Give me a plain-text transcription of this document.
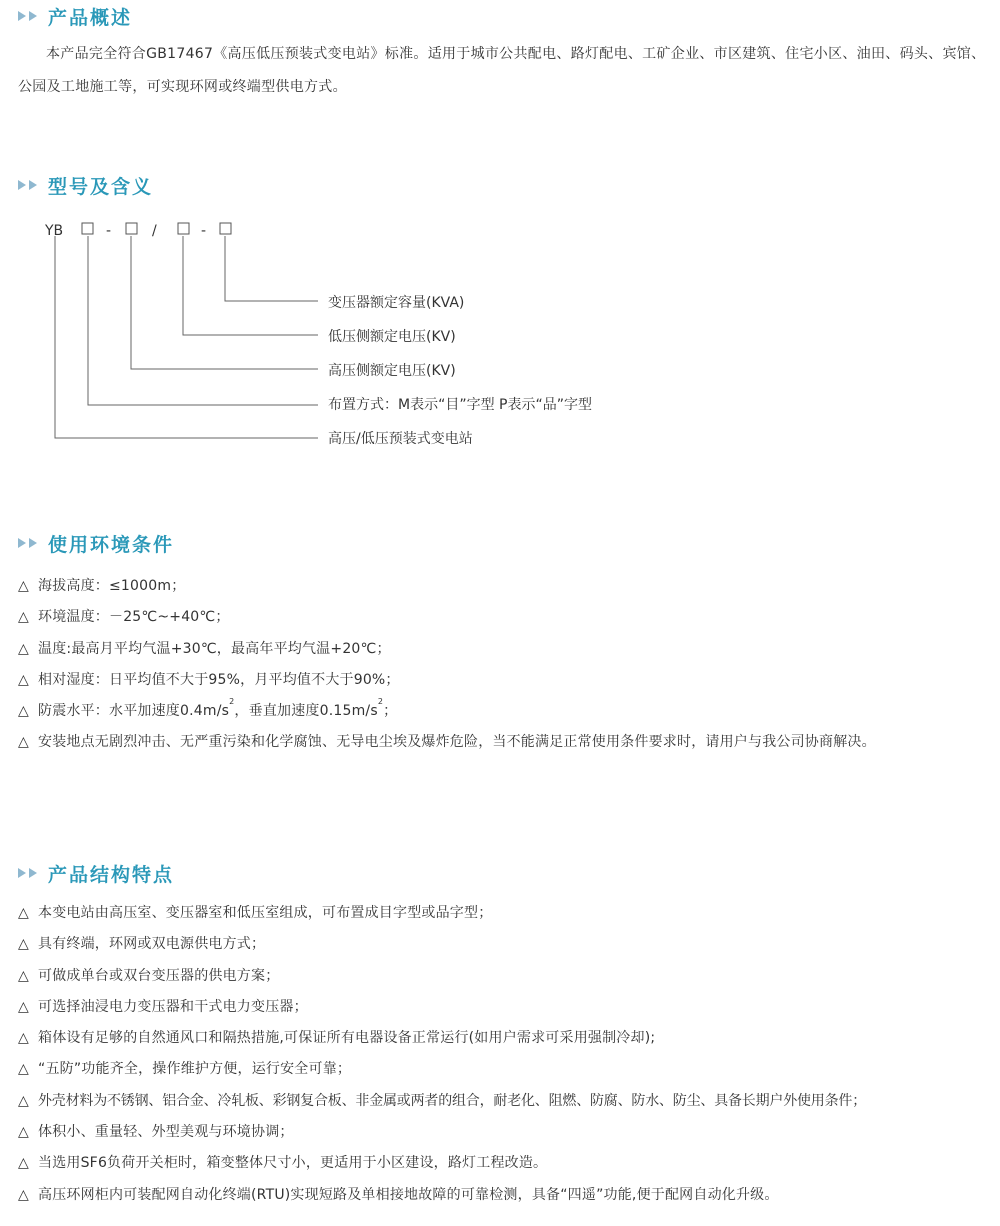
产品概述
本产品完全符合GB17467《高压低压预装式变电站》标准。适用于城市公共配电、路灯配电、工矿企业、市区建筑、住宅小区、油田、码头、宾馆、公园及工地施工等，可实现环网或终端型供电方式。
型号及含义
YB	-	/	-
变压器额定容量(KVA)
低压侧额定电压(KV)
高压侧额定电压(KV)
布置方式：M表示“目”字型 P表示“品”字型
高压/低压预装式变电站
使用环境条件
△ 海拔高度：≤1000m；
△ 环境温度：－25℃~+40℃；
△ 温度:最高月平均气温+30℃，最高年平均气温+20℃；
△ 相对湿度：日平均值不大于95%，月平均值不大于90%；
△ 防震水平：水平加速度$0.4m/s^2$，垂直加速度$0.15m/s^2$；
△ 安装地点无剧烈冲击、无严重污染和化学腐蚀、无导电尘埃及爆炸危险，当不能满足正常使用条件要求时，请用户与我公司协商解决。
产品结构特点
△ 本变电站由高压室、变压器室和低压室组成，可布置成目字型或品字型；
△ 具有终端，环网或双电源供电方式；
△ 可做成单台或双台变压器的供电方案；
△ 可选择油浸电力变压器和干式电力变压器；
△ 箱体设有足够的自然通风口和隔热措施,可保证所有电器设备正常运行(如用户需求可采用强制冷却);
△ “五防”功能齐全，操作维护方便，运行安全可靠；
△ 外壳材料为不锈钢、铝合金、冷轧板、彩钢复合板、非金属或两者的组合，耐老化、阻燃、防腐、防水、防尘、具备长期户外使用条件；
△ 体积小、重量轻、外型美观与环境协调；
△ 当选用SF6负荷开关柜时，箱变整体尺寸小，更适用于小区建设，路灯工程改造。
△ 高压环网柜内可装配网自动化终端(RTU)实现短路及单相接地故障的可靠检测，具备“四遥”功能,便于配网自动化升级。
